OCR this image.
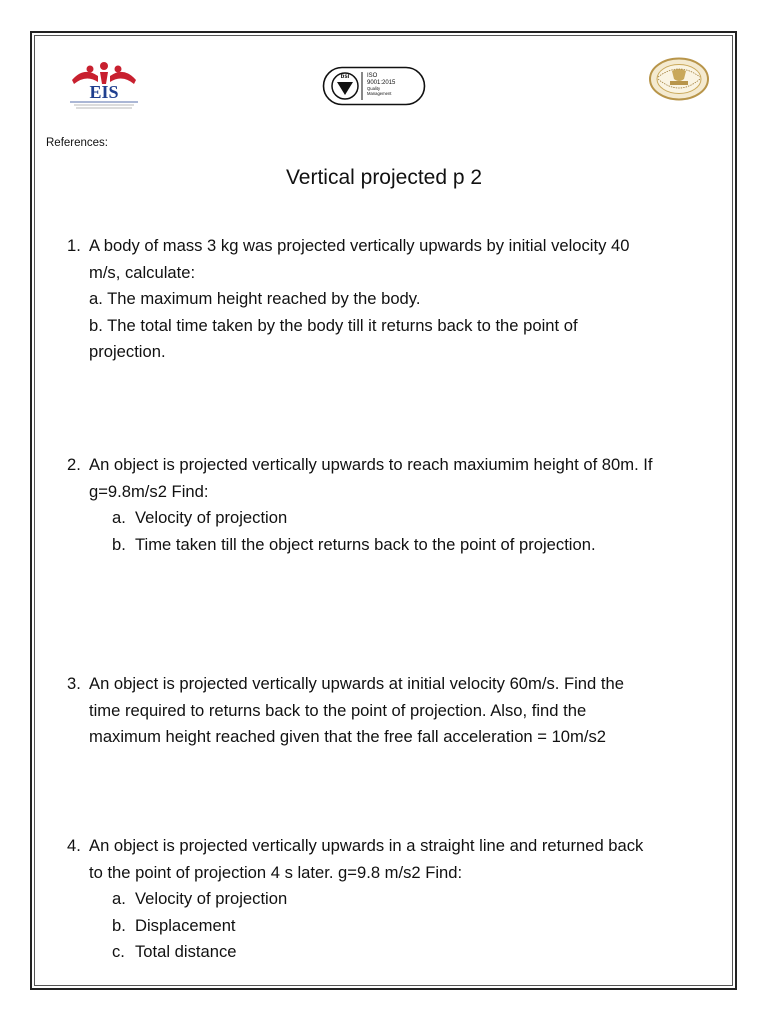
EIS
bsi	ISO
9001:2015
Quality
Management
References:
Vertical projected p 2
1. A body of mass 3 kg was projected vertically upwards by initial velocity 40
m/s, calculate:
a. The maximum height reached by the body.
b. The total time taken by the body till it returns back to the point of
projection.
2. An object is projected vertically upwards to reach maxiumim height of 80m. If
g=9.8m/s2 Find:
a. Velocity of projection
b. Time taken till the object returns back to the point of projection.
3. An object is projected vertically upwards at initial velocity 60m/s. Find the
time required to returns back to the point of projection. Also, find the
maximum height reached given that the free fall acceleration = 10m/s2
4. An object is projected vertically upwards in a straight line and returned back
to the point of projection 4 s later. g=9.8 m/s2 Find:
a. Velocity of projection
b. Displacement
c. Total distance
